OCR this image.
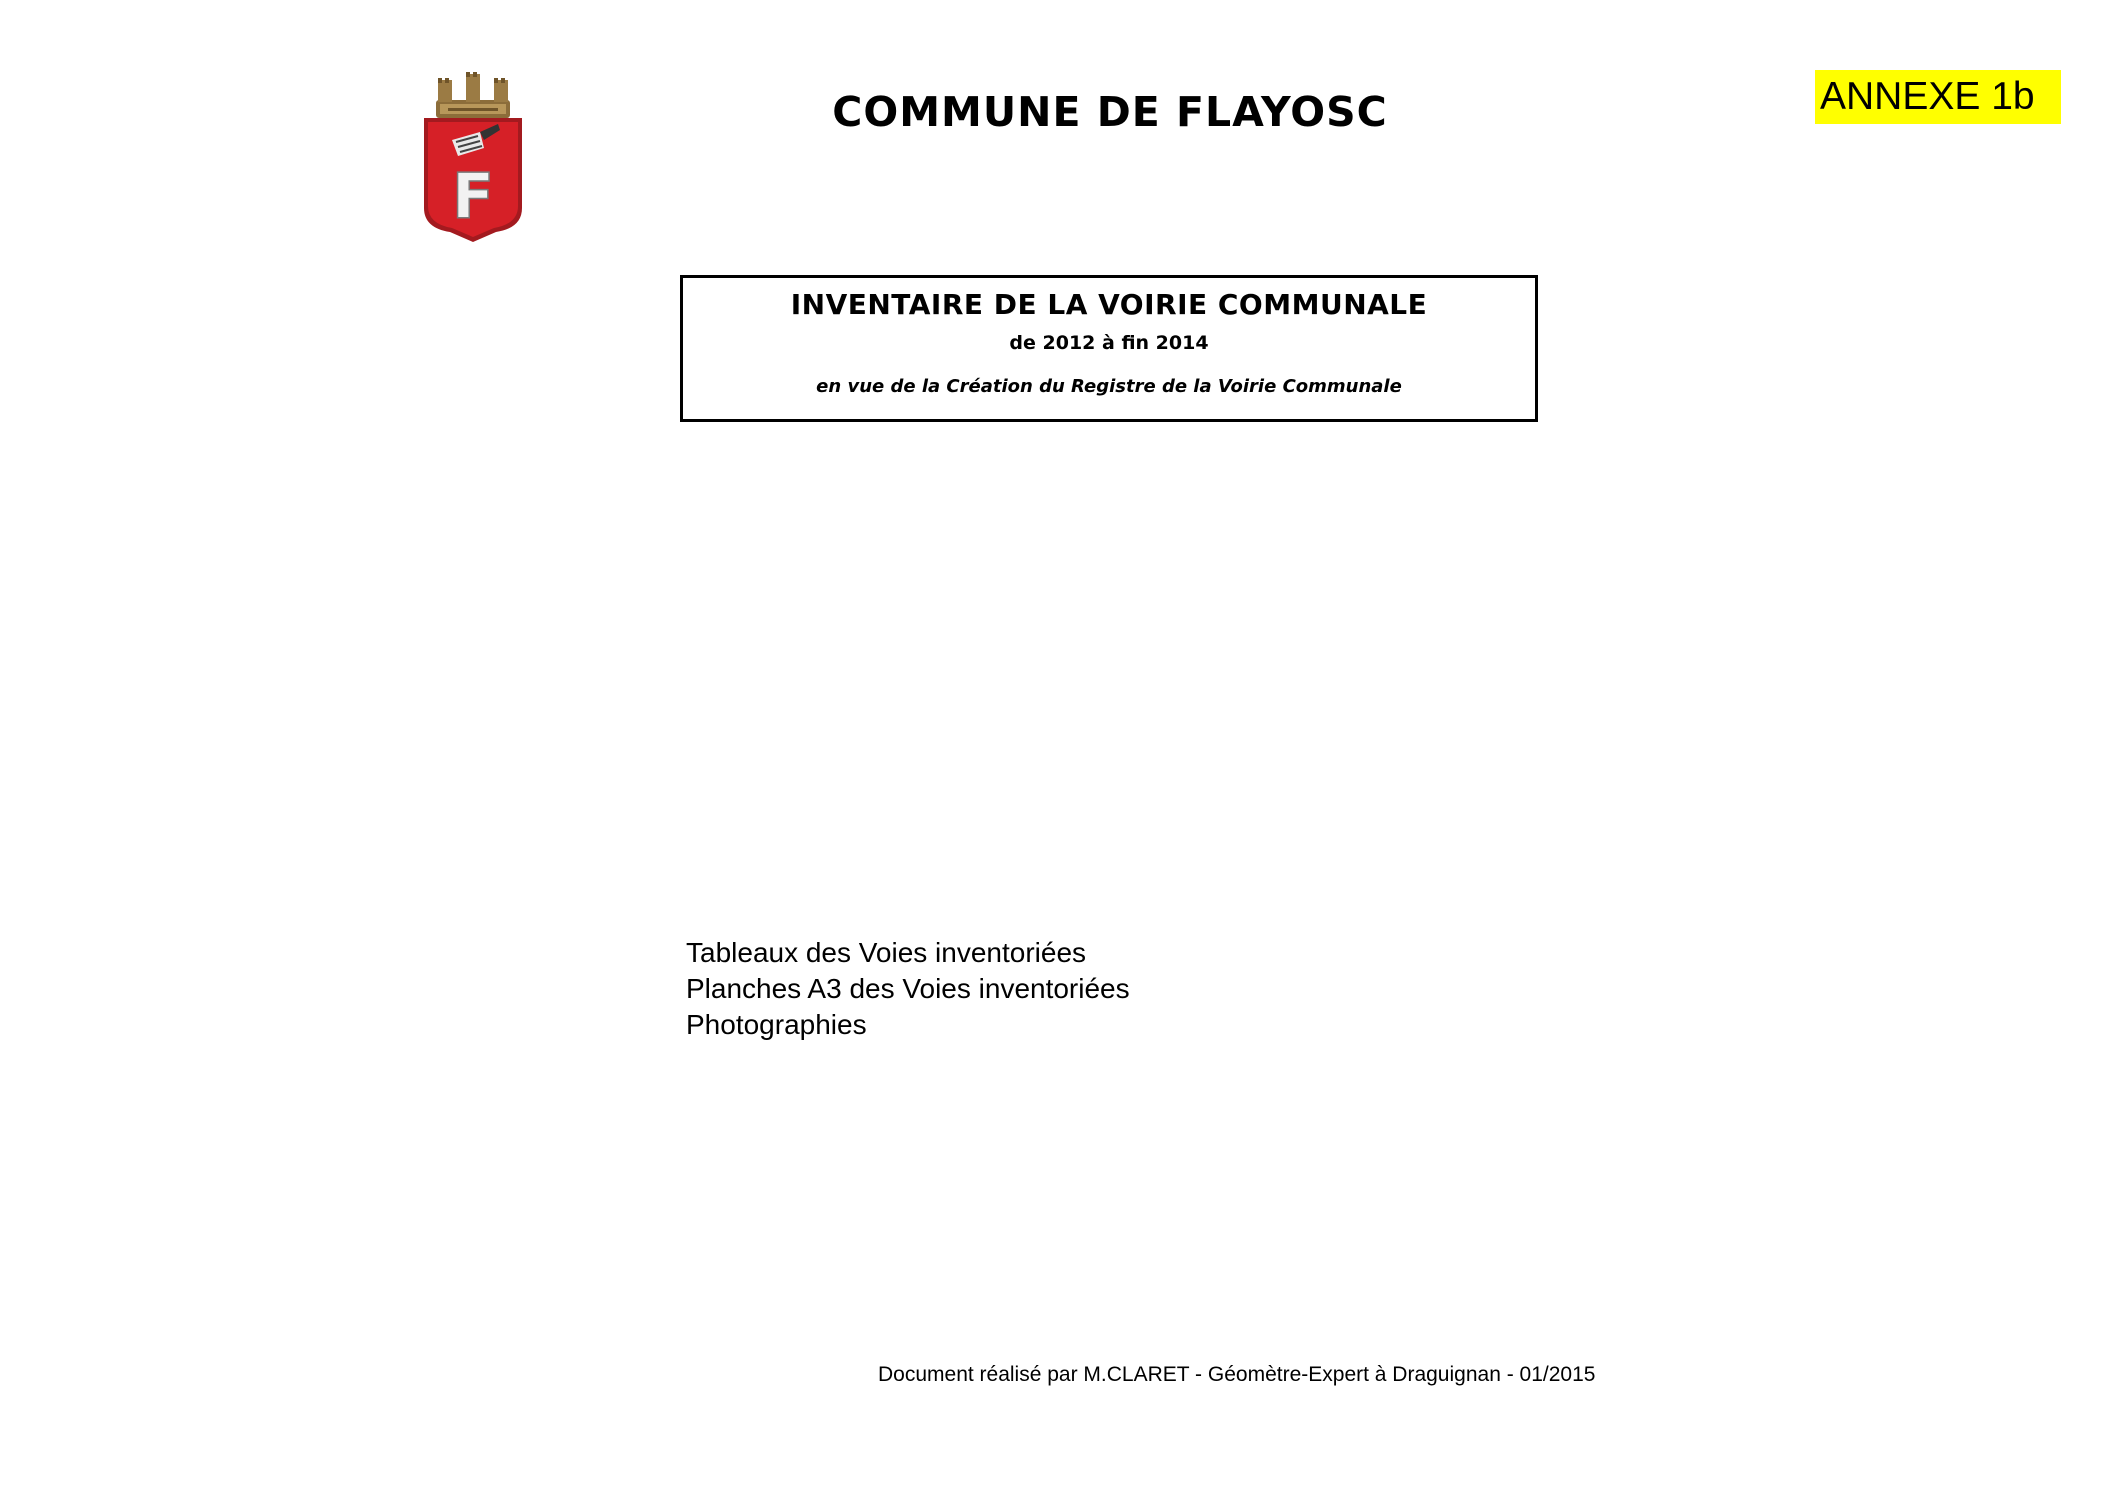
F
COMMUNE DE FLAYOSC	ANNEXE 1b
INVENTAIRE DE LA VOIRIE COMMUNALE
de 2012 à fin 2014
en vue de la Création du Registre de la Voirie Communale
Tableaux des Voies inventoriées
Planches A3 des Voies inventoriées
Photographies
Document réalisé par M.CLARET - Géomètre-Expert à Draguignan - 01/2015
